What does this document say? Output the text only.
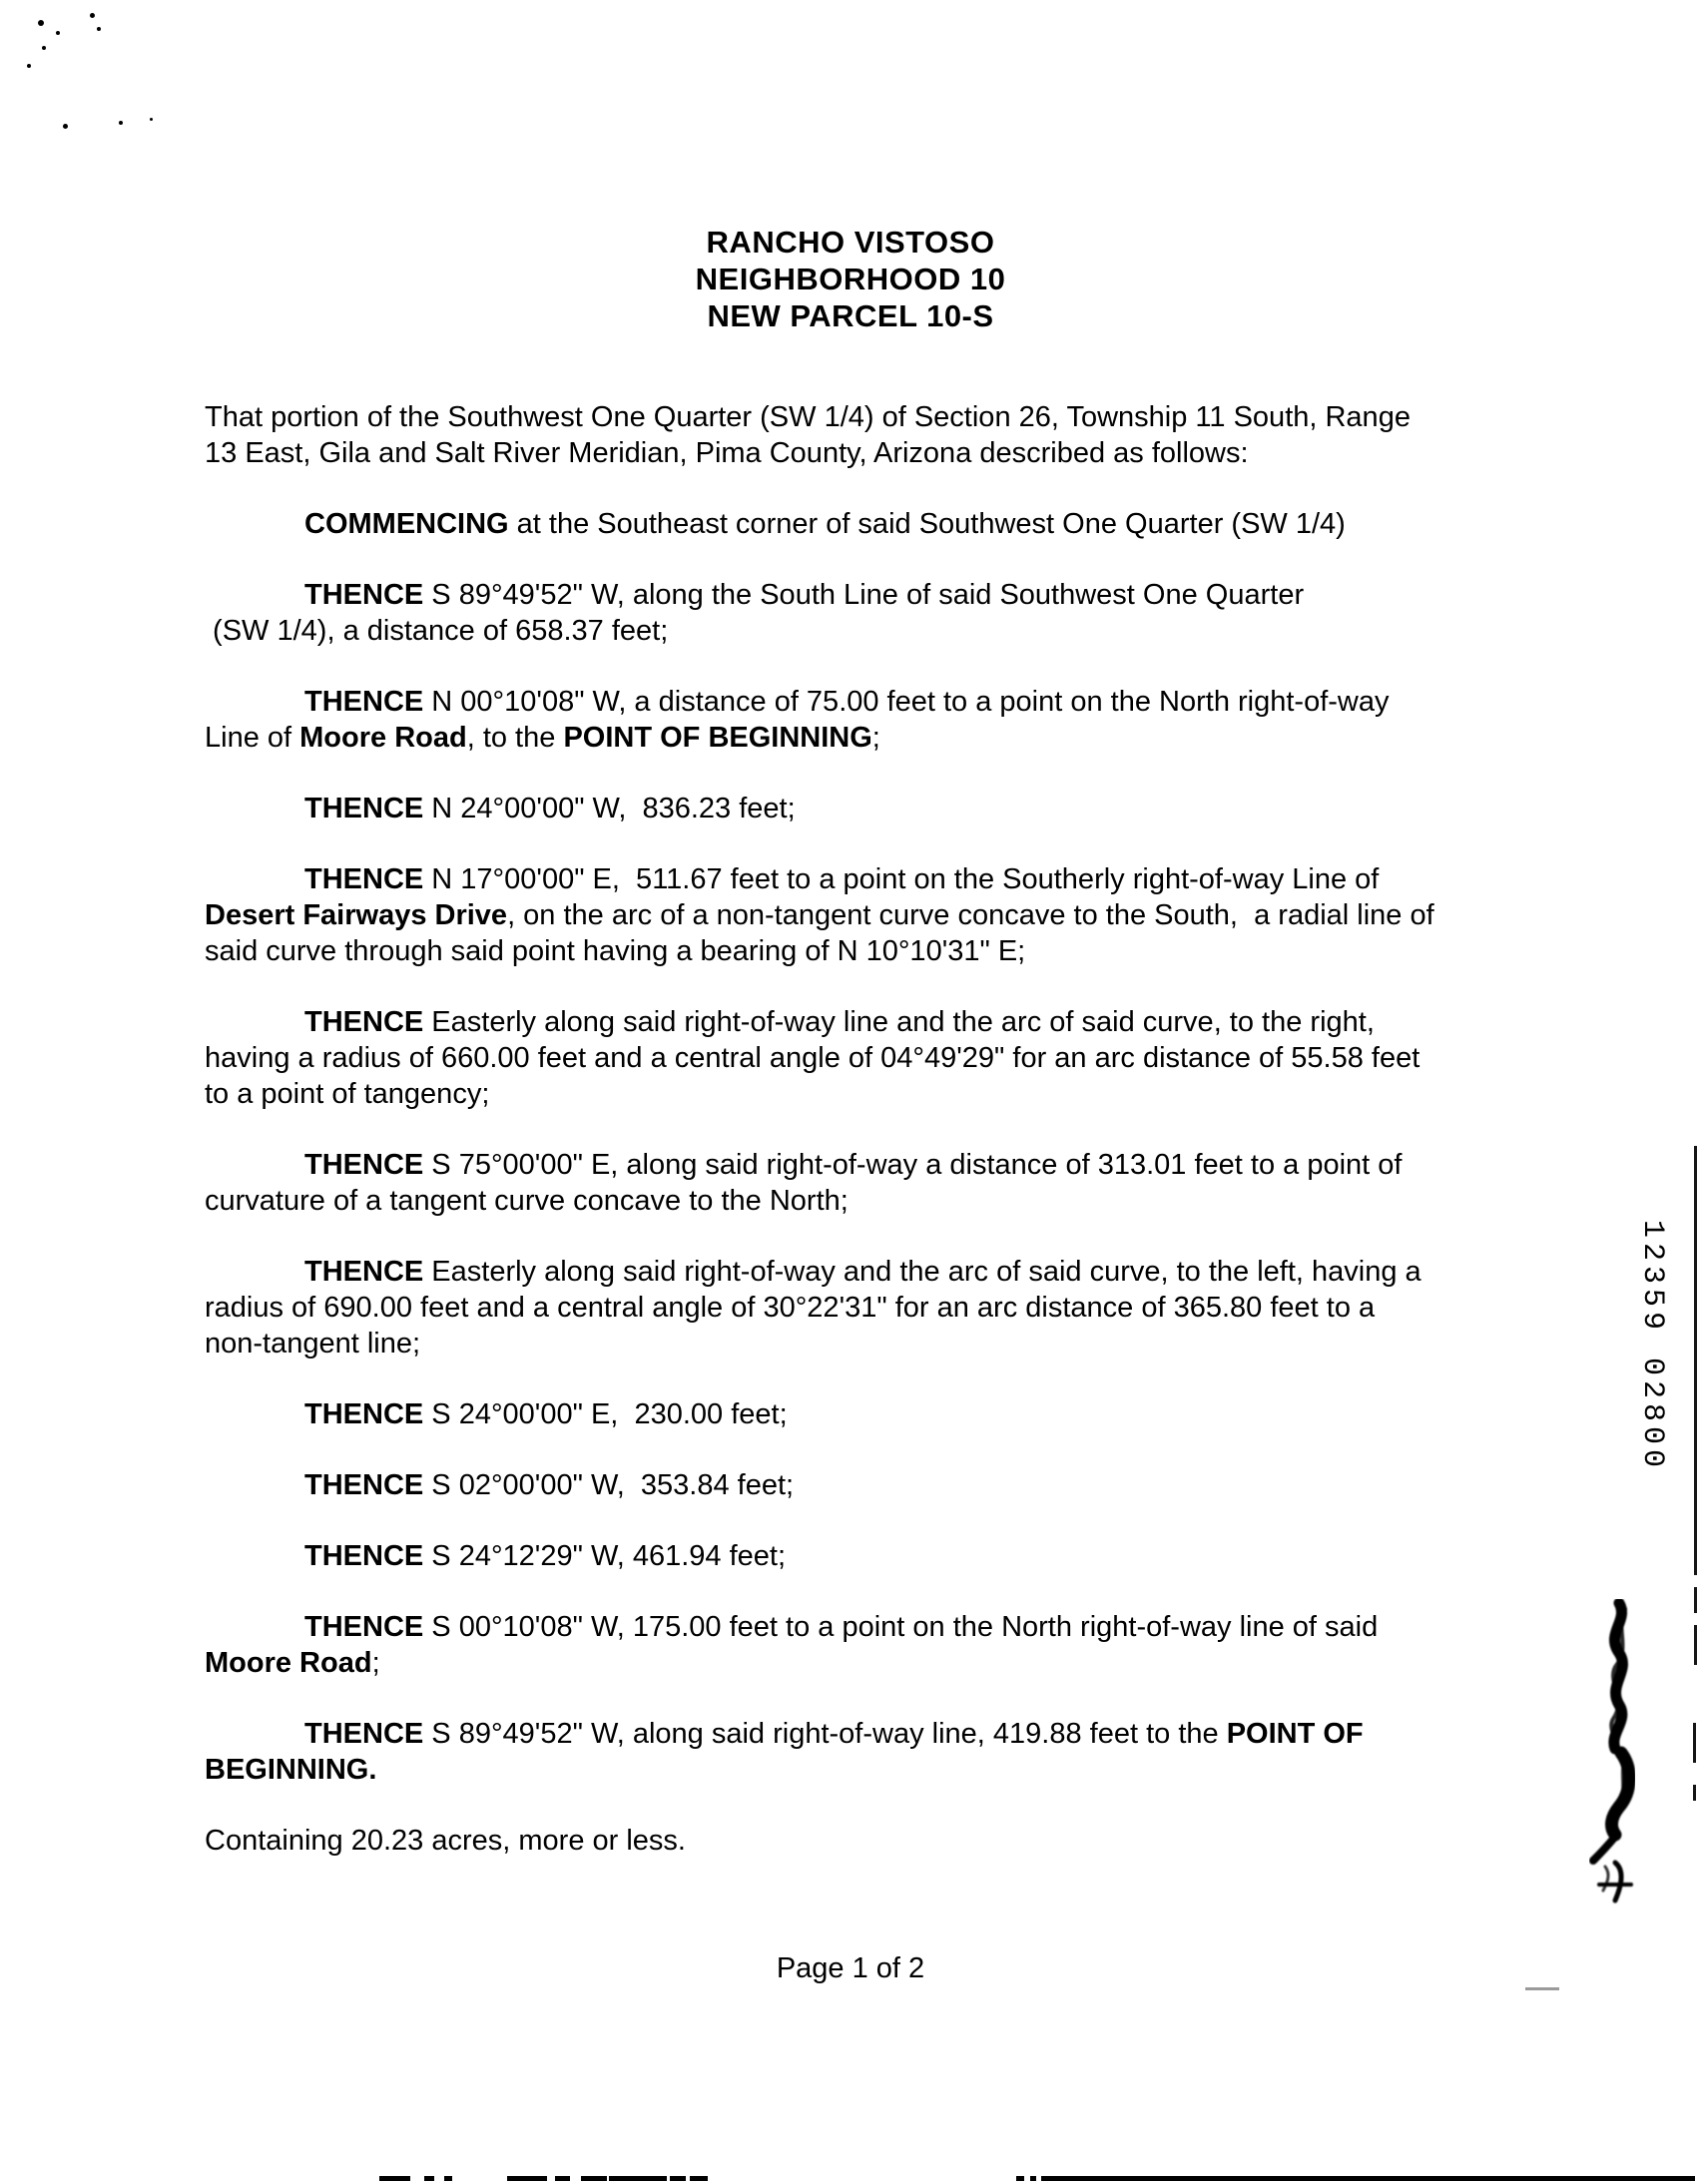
RANCHO VISTOSO
NEIGHBORHOOD 10
NEW PARCEL 10-S
That portion of the Southwest One Quarter (SW 1/4) of Section 26, Township 11 South, Range
13 East, Gila and Salt River Meridian, Pima County, Arizona described as follows:
COMMENCING at the Southeast corner of said Southwest One Quarter (SW 1/4)
THENCE S 89°49'52" W, along the South Line of said Southwest One Quarter
(SW 1/4), a distance of 658.37 feet;
THENCE N 00°10'08" W, a distance of 75.00 feet to a point on the North right-of-way
Line of Moore Road, to the POINT OF BEGINNING;
THENCE N 24°00'00" W,  836.23 feet;
THENCE N 17°00'00" E,  511.67 feet to a point on the Southerly right-of-way Line of
Desert Fairways Drive, on the arc of a non-tangent curve concave to the South,  a radial line of
said curve through said point having a bearing of N 10°10'31" E;
THENCE Easterly along said right-of-way line and the arc of said curve, to the right,
having a radius of 660.00 feet and a central angle of 04°49'29" for an arc distance of 55.58 feet
to a point of tangency;
THENCE S 75°00'00" E, along said right-of-way a distance of 313.01 feet to a point of
curvature of a tangent curve concave to the North;
THENCE Easterly along said right-of-way and the arc of said curve, to the left, having a
radius of 690.00 feet and a central angle of 30°22'31" for an arc distance of 365.80 feet to a
non-tangent line;
THENCE S 24°00'00" E,  230.00 feet;
THENCE S 02°00'00" W,  353.84 feet;
THENCE S 24°12'29" W, 461.94 feet;
THENCE S 00°10'08" W, 175.00 feet to a point on the North right-of-way line of said
Moore Road;
THENCE S 89°49'52" W, along said right-of-way line, 419.88 feet to the POINT OF
BEGINNING.
Containing 20.23 acres, more or less.
12359 02800
Page 1 of 2
